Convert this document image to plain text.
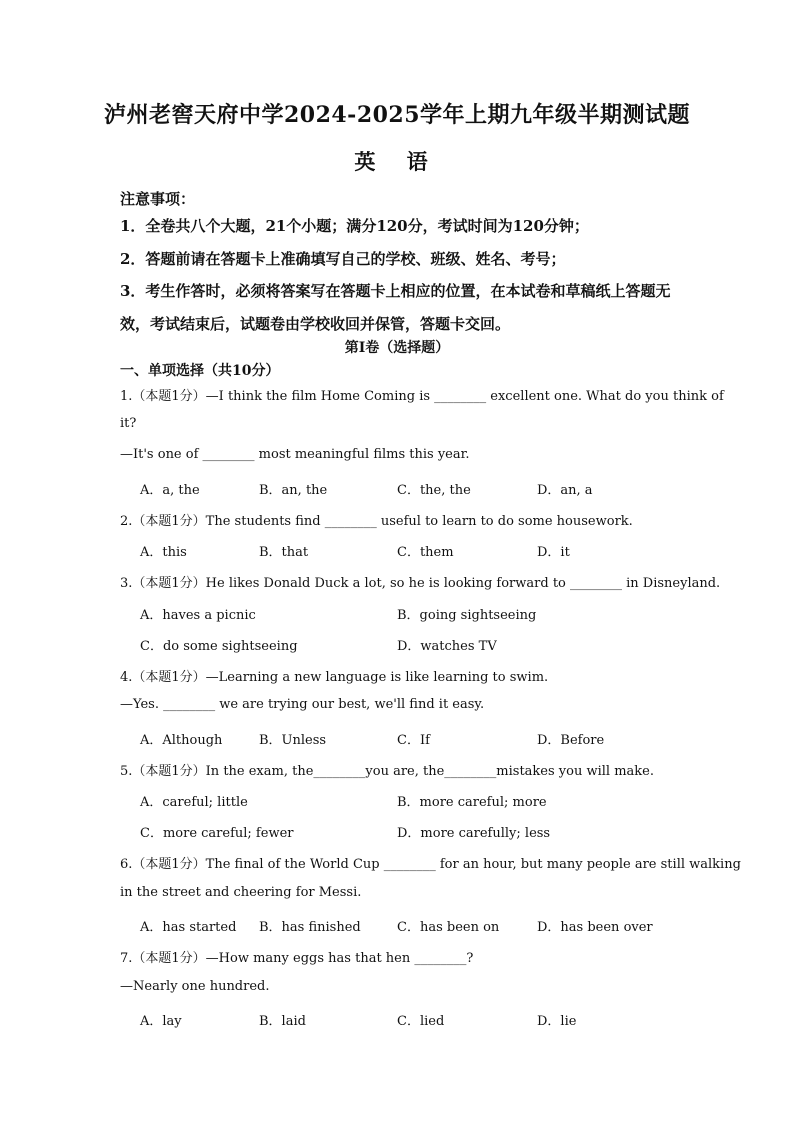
泸州老窖天府中学2024-2025学年上期九年级半期测试题
英 语
注意事项：
1．全卷共八个大题，21个小题；满分120分，考试时间为120分钟；
2．答题前请在答题卡上准确填写自己的学校、班级、姓名、考号；
3．考生作答时，必须将答案写在答题卡上相应的位置，在本试卷和草稿纸上答题无效，考试结束后，试题卷由学校收回并保管，答题卡交回。
第Ⅰ卷（选择题）
一、单项选择（共10分）
1.（本题1分）—I think the film Home Coming is ________ excellent one. What do you think of
it?
—It's one of ________ most meaningful films this year.
A．a, the	B．an, the	C．the, the	D．an, a
2.（本题1分）The students find ________ useful to learn to do some housework.
A．this	B．that	C．them	D．it
3.（本题1分）He likes Donald Duck a lot, so he is looking forward to ________ in Disneyland.
A．haves a picnic	B．going sightseeing
C．do some sightseeing	D．watches TV
4.（本题1分）—Learning a new language is like learning to swim.
—Yes. ________ we are trying our best, we'll find it easy.
A．Although	B．Unless	C．If	D．Before
5.（本题1分）In the exam, the________you are, the________mistakes you will make.
A．careful; little	B．more careful; more
C．more careful; fewer	D．more carefully; less
6.（本题1分）The final of the World Cup ________ for an hour, but many people are still walking
in the street and cheering for Messi.
A．has started B．has finished	C．has been on	D．has been over
7.（本题1分）—How many eggs has that hen ________?
—Nearly one hundred.
A．lay	B．laid	C．lied	D．lie
